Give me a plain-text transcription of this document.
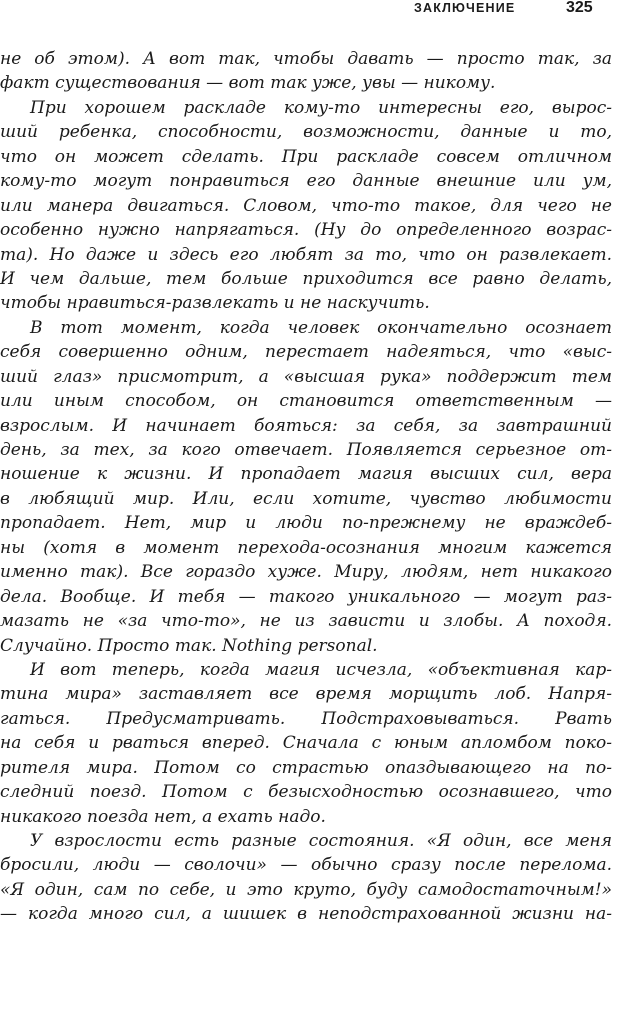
ЗАКЛЮЧЕНИЕ	325
не об этом). А вот так, чтобы давать — просто так, за
факт существования — вот так уже, увы — никому.
При хорошем раскладе кому-то интересны его, вырос-
ший ребенка, способности, возможности, данные и то,
что он может сделать. При раскладе совсем отличном
кому-то могут понравиться его данные внешние или ум,
или манера двигаться. Словом, что-то такое, для чего не
особенно нужно напрягаться. (Ну до определенного возрас-
та). Но даже и здесь его любят за то, что он развлекает.
И чем дальше, тем больше приходится все равно делать,
чтобы нравиться-развлекать и не наскучить.
В тот момент, когда человек окончательно осознает
себя совершенно одним, перестает надеяться, что «выс-
ший глаз» присмотрит, а «высшая рука» поддержит тем
или иным способом, он становится ответственным —
взрослым. И начинает бояться: за себя, за завтрашний
день, за тех, за кого отвечает. Появляется серьезное от-
ношение к жизни. И пропадает магия высших сил, вера
в любящий мир. Или, если хотите, чувство любимости
пропадает. Нет, мир и люди по-прежнему не враждеб-
ны (хотя в момент перехода-осознания многим кажется
именно так). Все гораздо хуже. Миру, людям, нет никакого
дела. Вообще. И тебя — такого уникального — могут раз-
мазать не «за что-то», не из зависти и злобы. А походя.
Случайно. Просто так. Nothing personal.
И вот теперь, когда магия исчезла, «объективная кар-
тина мира» заставляет все время морщить лоб. Напря-
гаться. Предусматривать. Подстраховываться. Рвать
на себя и рваться вперед. Сначала с юным апломбом поко-
рителя мира. Потом со страстью опаздывающего на по-
следний поезд. Потом с безысходностью осознавшего, что
никакого поезда нет, а ехать надо.
У взрослости есть разные состояния. «Я один, все меня
бросили, люди — сволочи» — обычно сразу после перелома.
«Я один, сам по себе, и это круто, буду самодостаточным!»
— когда много сил, а шишек в неподстрахованной жизни на-
